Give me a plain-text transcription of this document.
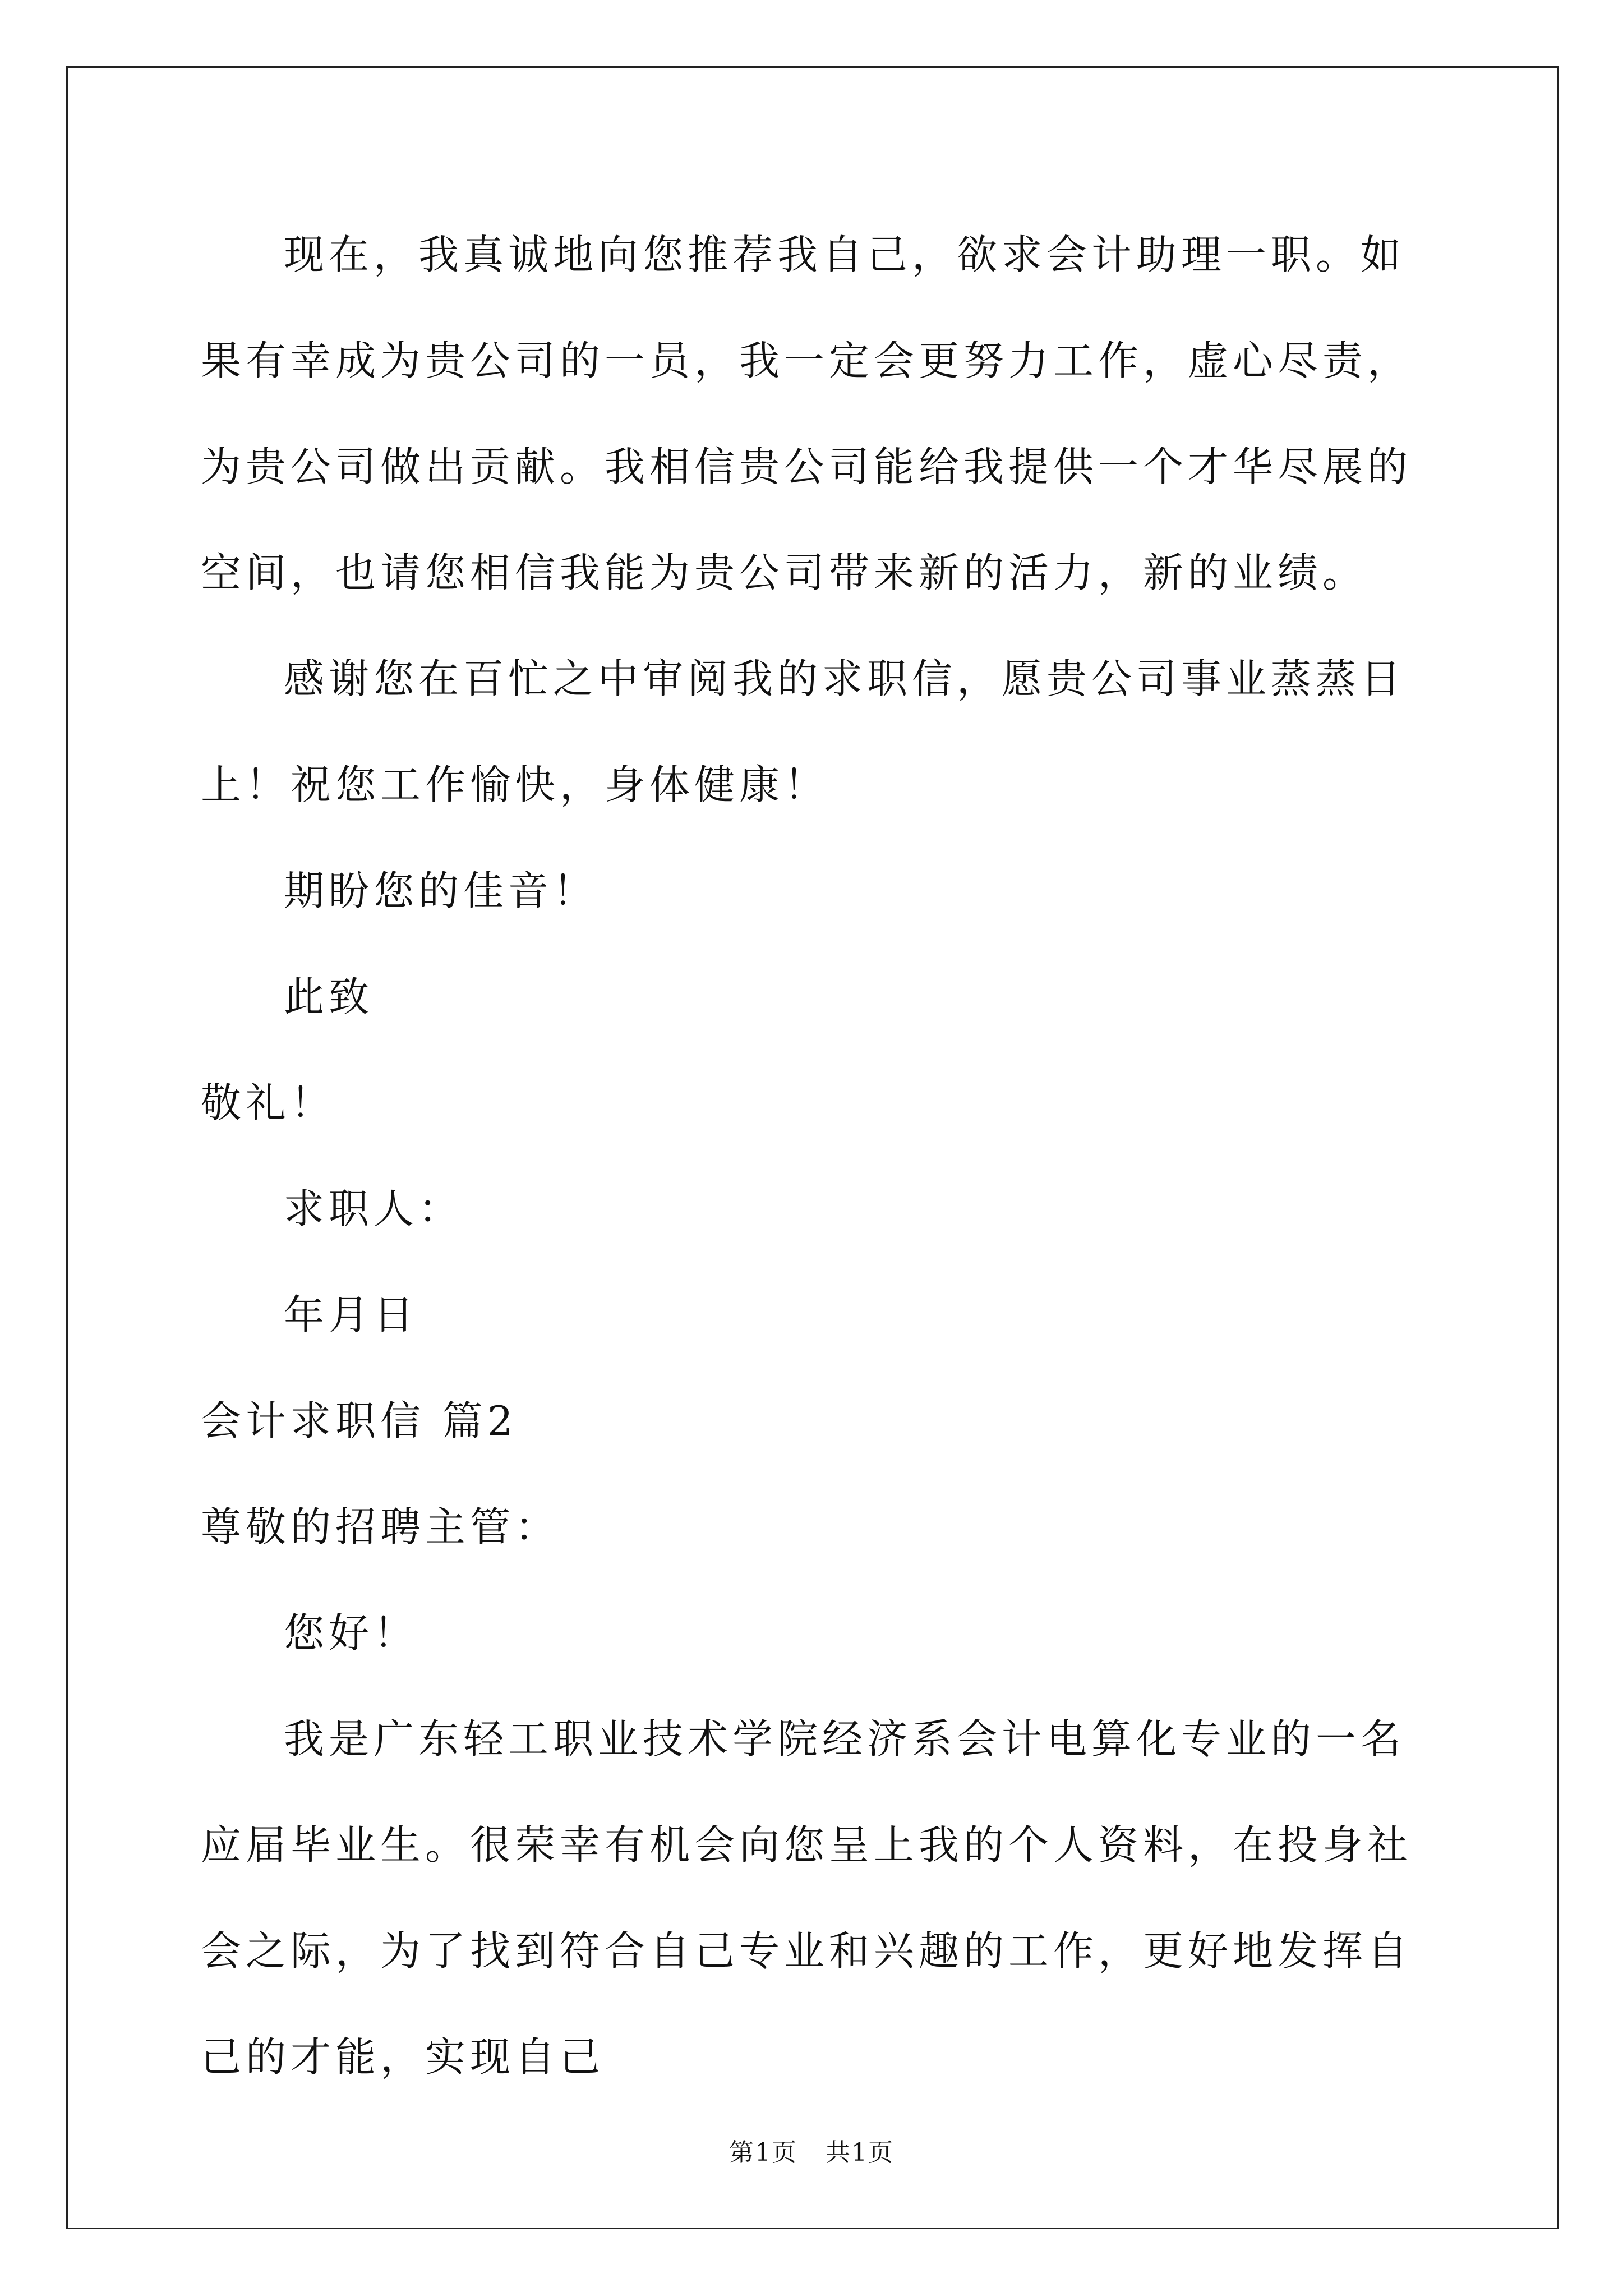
现在，我真诚地向您推荐我自己，欲求会计助理一职。如果有幸成为贵公司的一员，我一定会更努力工作，虚心尽责，为贵公司做出贡献。我相信贵公司能给我提供一个才华尽展的空间，也请您相信我能为贵公司带来新的活力，新的业绩。

感谢您在百忙之中审阅我的求职信，愿贵公司事业蒸蒸日上！祝您工作愉快，身体健康！

期盼您的佳音！

此致

敬礼！

求职人：

年月日

会计求职信 篇2

尊敬的招聘主管：

您好！

我是广东轻工职业技术学院经济系会计电算化专业的一名应届毕业生。很荣幸有机会向您呈上我的个人资料，在投身社会之际，为了找到符合自己专业和兴趣的工作，更好地发挥自己的才能，实现自己

第1页 共1页
